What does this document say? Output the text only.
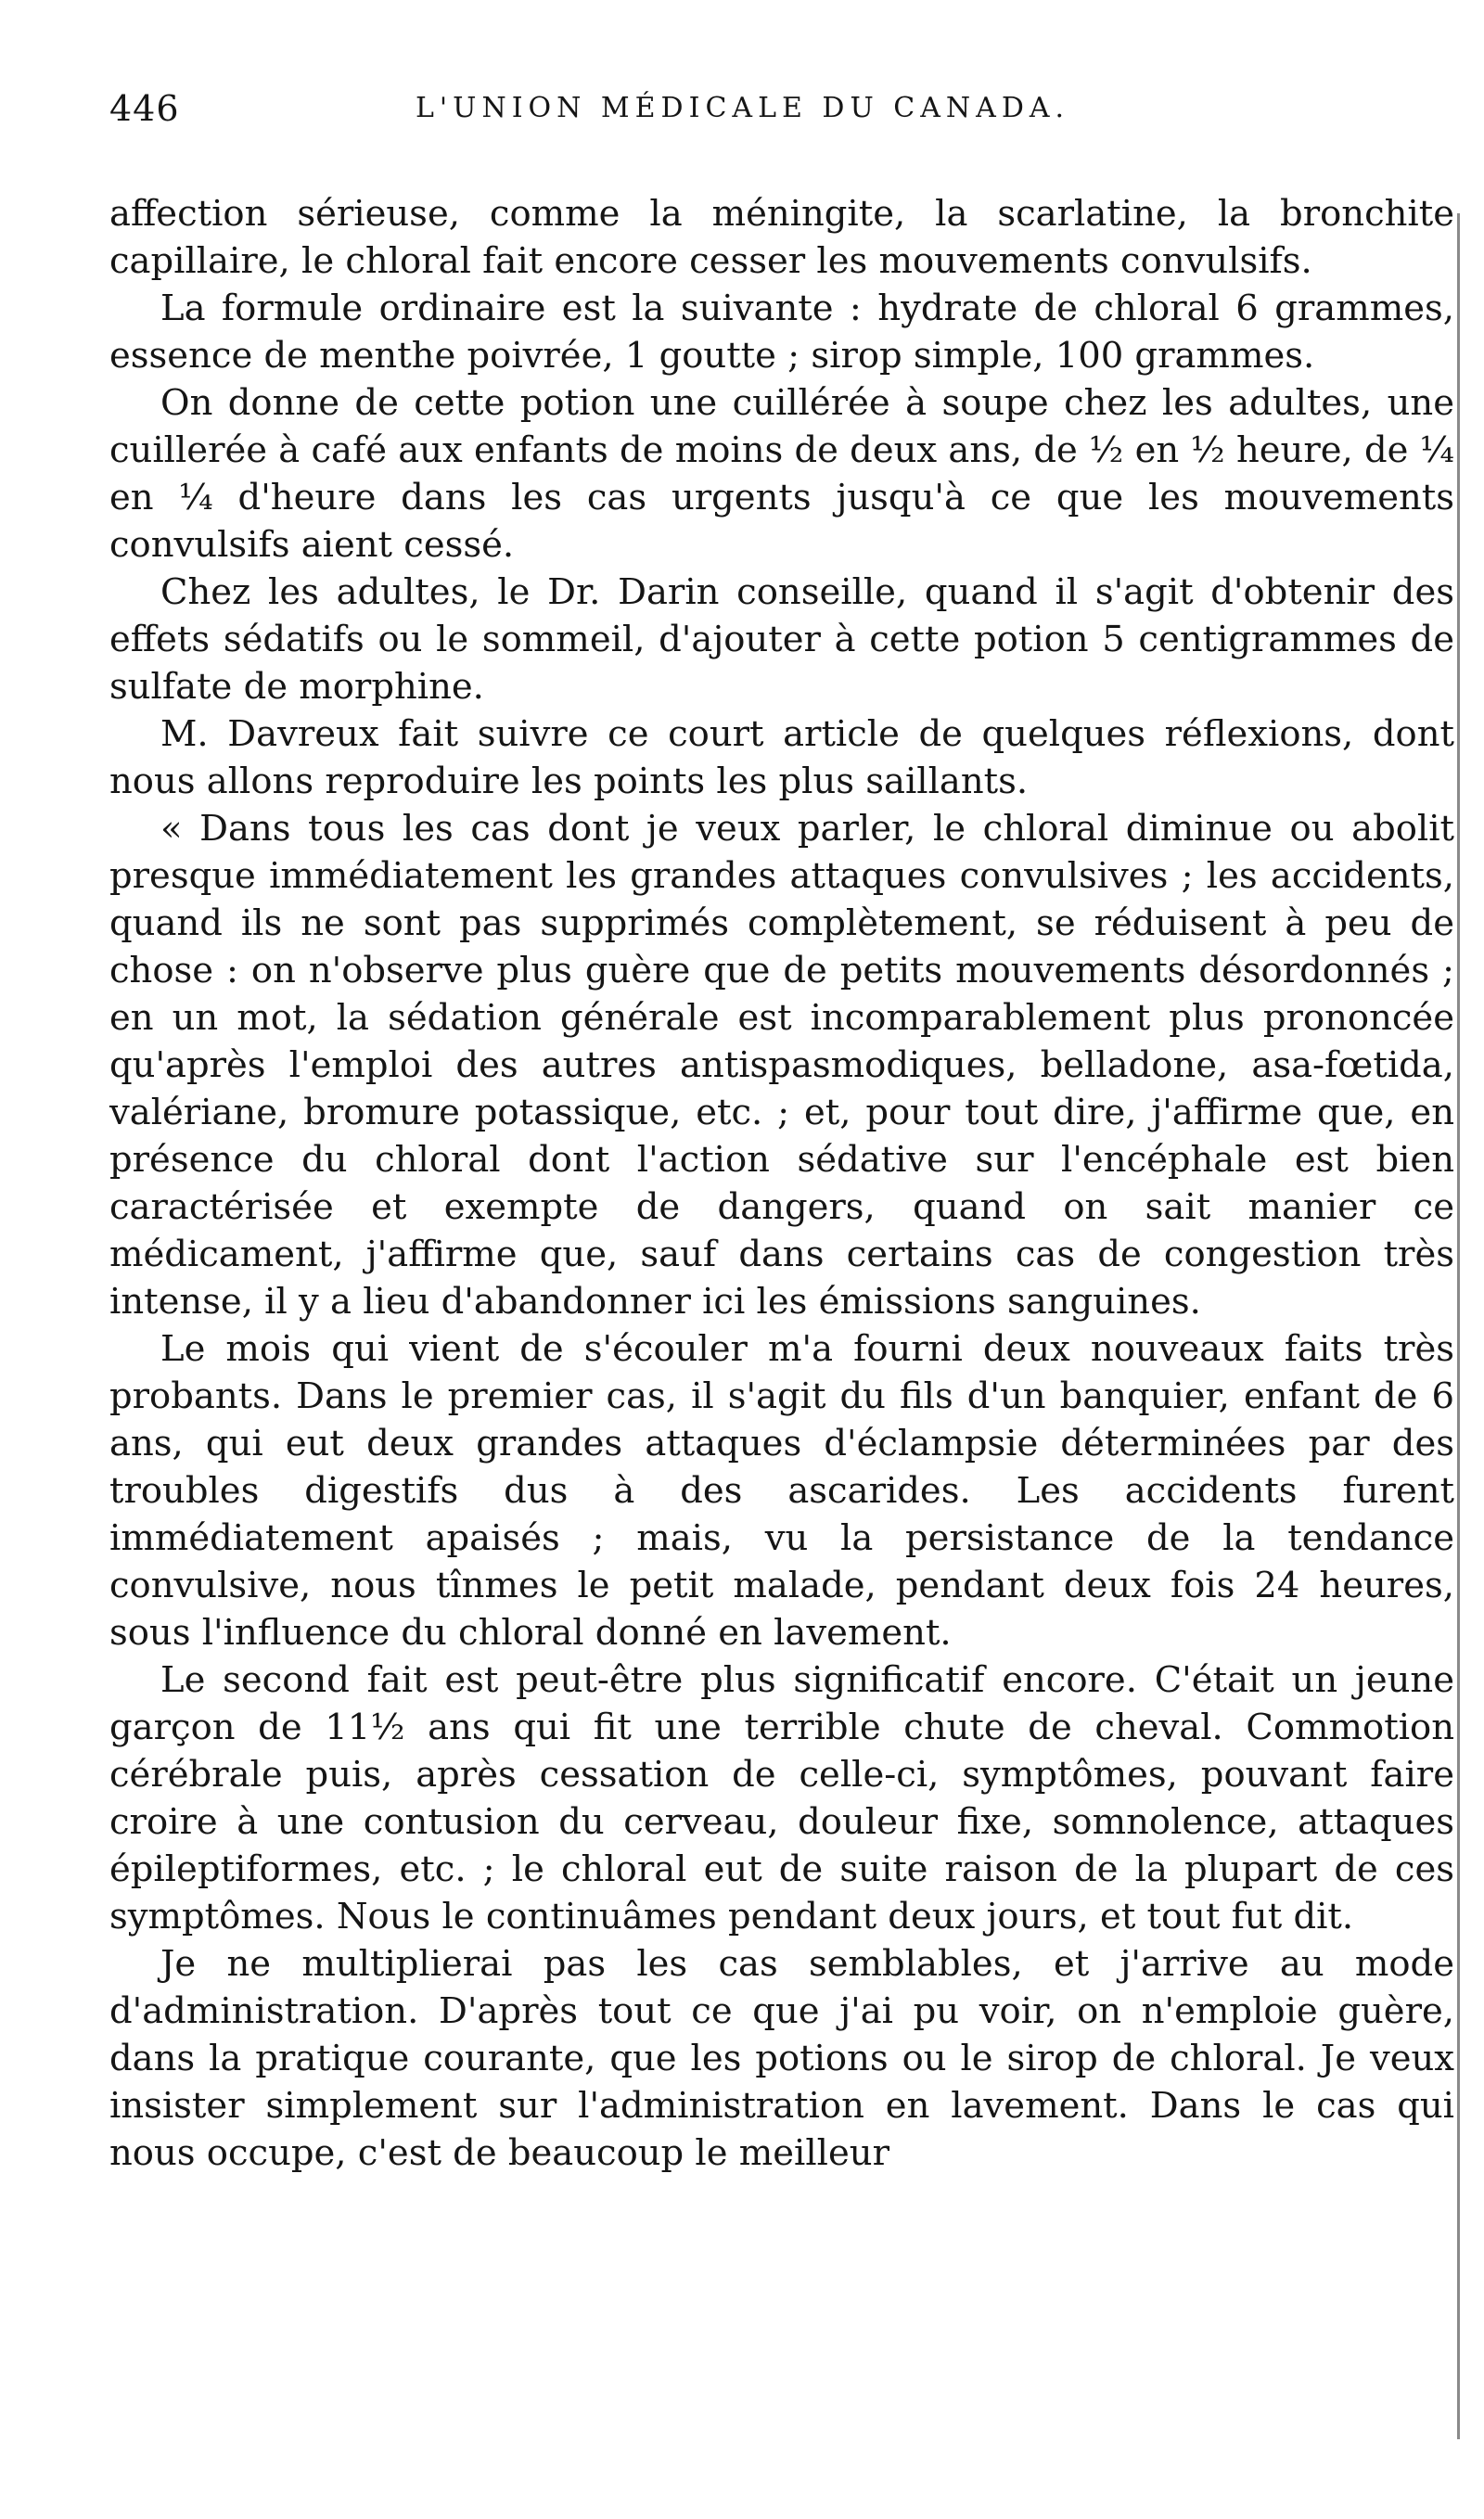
446	L'UNION MÉDICALE DU CANADA.

affection sérieuse, comme la méningite, la scarlatine, la bronchite capillaire, le chloral fait encore cesser les mouvements convulsifs.

La formule ordinaire est la suivante : hydrate de chloral 6 grammes, essence de menthe poivrée, 1 goutte ; sirop simple, 100 grammes.

On donne de cette potion une cuillérée à soupe chez les adultes, une cuillerée à café aux enfants de moins de deux ans, de ½ en ½ heure, de ¼ en ¼ d'heure dans les cas urgents jusqu'à ce que les mouvements convulsifs aient cessé.

Chez les adultes, le Dr. Darin conseille, quand il s'agit d'obtenir des effets sédatifs ou le sommeil, d'ajouter à cette potion 5 centigrammes de sulfate de morphine.

M. Davreux fait suivre ce court article de quelques réflexions, dont nous allons reproduire les points les plus saillants.

« Dans tous les cas dont je veux parler, le chloral diminue ou abolit presque immédiatement les grandes attaques convulsives ; les accidents, quand ils ne sont pas supprimés complètement, se réduisent à peu de chose : on n'observe plus guère que de petits mouvements désordonnés ; en un mot, la sédation générale est incomparablement plus prononcée qu'après l'emploi des autres antispasmodiques, belladone, asa-fœtida, valériane, bromure potassique, etc. ; et, pour tout dire, j'affirme que, en présence du chloral dont l'action sédative sur l'encéphale est bien caractérisée et exempte de dangers, quand on sait manier ce médicament, j'affirme que, sauf dans certains cas de congestion très intense, il y a lieu d'abandonner ici les émissions sanguines.

Le mois qui vient de s'écouler m'a fourni deux nouveaux faits très probants. Dans le premier cas, il s'agit du fils d'un banquier, enfant de 6 ans, qui eut deux grandes attaques d'éclampsie déterminées par des troubles digestifs dus à des ascarides. Les accidents furent immédiatement apaisés ; mais, vu la persistance de la tendance convulsive, nous tînmes le petit malade, pendant deux fois 24 heures, sous l'influence du chloral donné en lavement.

Le second fait est peut-être plus significatif encore. C'était un jeune garçon de 11½ ans qui fit une terrible chute de cheval. Commotion cérébrale puis, après cessation de celle-ci, symptômes, pouvant faire croire à une contusion du cerveau, douleur fixe, somnolence, attaques épileptiformes, etc. ; le chloral eut de suite raison de la plupart de ces symptômes. Nous le continuâmes pendant deux jours, et tout fut dit.

Je ne multiplierai pas les cas semblables, et j'arrive au mode d'administration. D'après tout ce que j'ai pu voir, on n'emploie guère, dans la pratique courante, que les potions ou le sirop de chloral. Je veux insister simplement sur l'administration en lavement. Dans le cas qui nous occupe, c'est de beaucoup le meilleur
